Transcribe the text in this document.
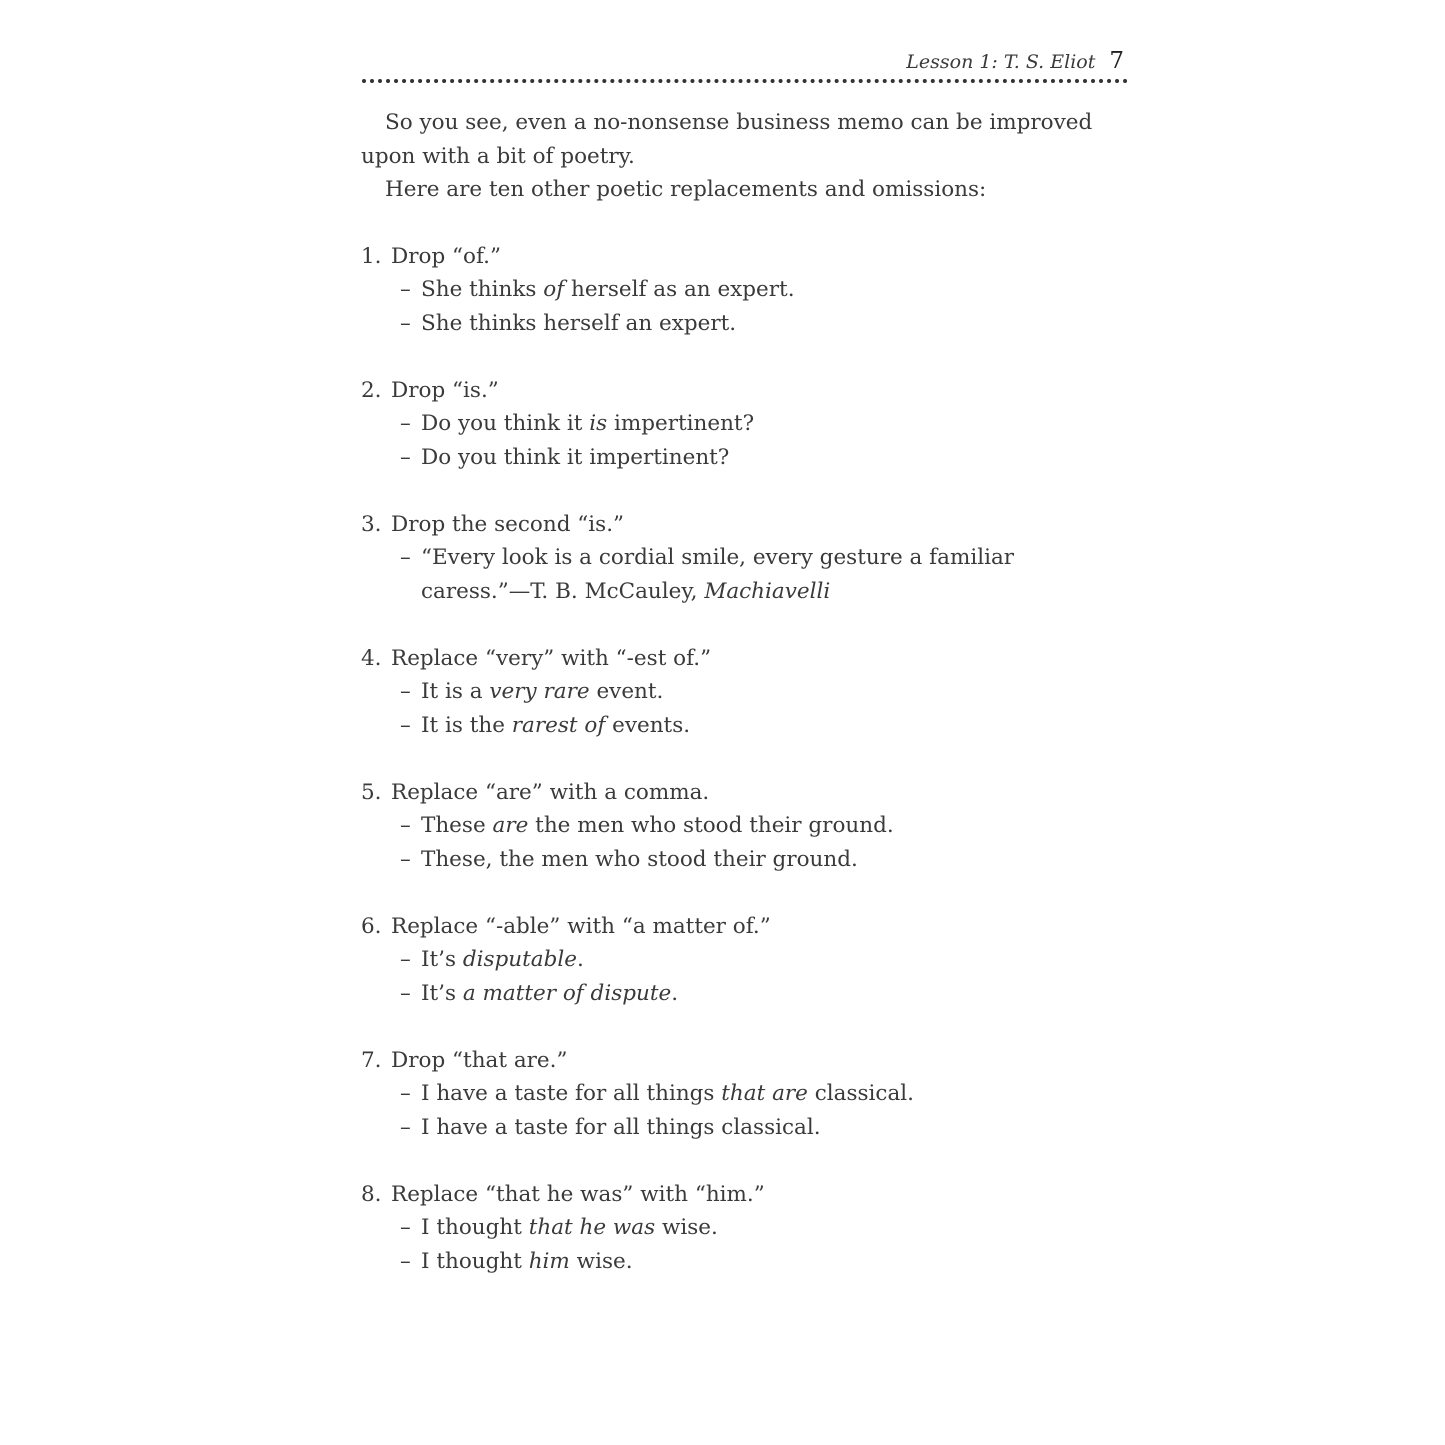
Lesson 1: T. S. Eliot 7

So you see, even a no-nonsense business memo can be improved upon with a bit of poetry.

Here are ten other poetic replacements and omissions:

1. Drop “of.”
– She thinks of herself as an expert.
– She thinks herself an expert.
2. Drop “is.”
– Do you think it is impertinent?
– Do you think it impertinent?
3. Drop the second “is.”
– “Every look is a cordial smile, every gesture a familiar caress.”—T. B. McCauley, Machiavelli
4. Replace “very” with “-est of.”
– It is a very rare event.
– It is the rarest of events.
5. Replace “are” with a comma.
– These are the men who stood their ground.
– These, the men who stood their ground.
6. Replace “-able” with “a matter of.”
– It’s disputable.
– It’s a matter of dispute.
7. Drop “that are.”
– I have a taste for all things that are classical.
– I have a taste for all things classical.
8. Replace “that he was” with “him.”
– I thought that he was wise.
– I thought him wise.
